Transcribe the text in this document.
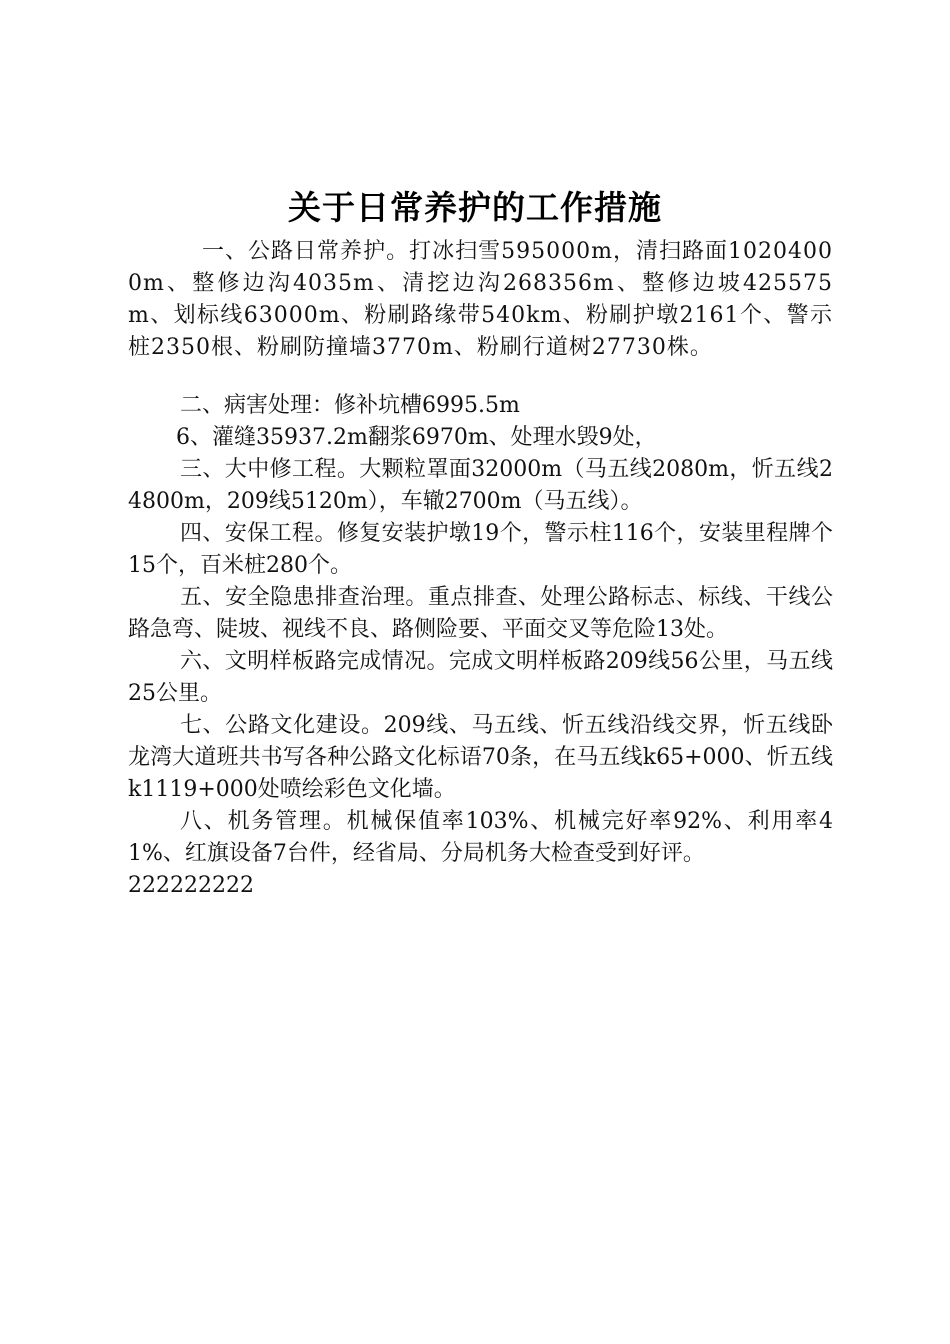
关于日常养护的工作措施

一、公路日常养护。打冰扫雪595000m，清扫路面10204000m、整修边沟4035m、清挖边沟268356m、整修边坡425575m、划标线63000m、粉刷路缘带540km、粉刷护墩2161个、警示桩2350根、粉刷防撞墙3770m、粉刷行道树27730株。

二、病害处理：修补坑槽6995.5m

6、灌缝35937.2m翻浆6970m、处理水毁9处，

三、大中修工程。大颗粒罩面32000m（马五线2080m，忻五线24800m，209线5120m），车辙2700m（马五线）。

四、安保工程。修复安装护墩19个，警示柱116个，安装里程牌个15个，百米桩280个。

五、安全隐患排查治理。重点排查、处理公路标志、标线、干线公路急弯、陡坡、视线不良、路侧险要、平面交叉等危险13处。

六、文明样板路完成情况。完成文明样板路209线56公里，马五线25公里。

七、公路文化建设。209线、马五线、忻五线沿线交界，忻五线卧龙湾大道班共书写各种公路文化标语70条，在马五线k65+000、忻五线k1119+000处喷绘彩色文化墙。

八、机务管理。机械保值率103%、机械完好率92%、利用率41%、红旗设备7台件，经省局、分局机务大检查受到好评。

222222222
